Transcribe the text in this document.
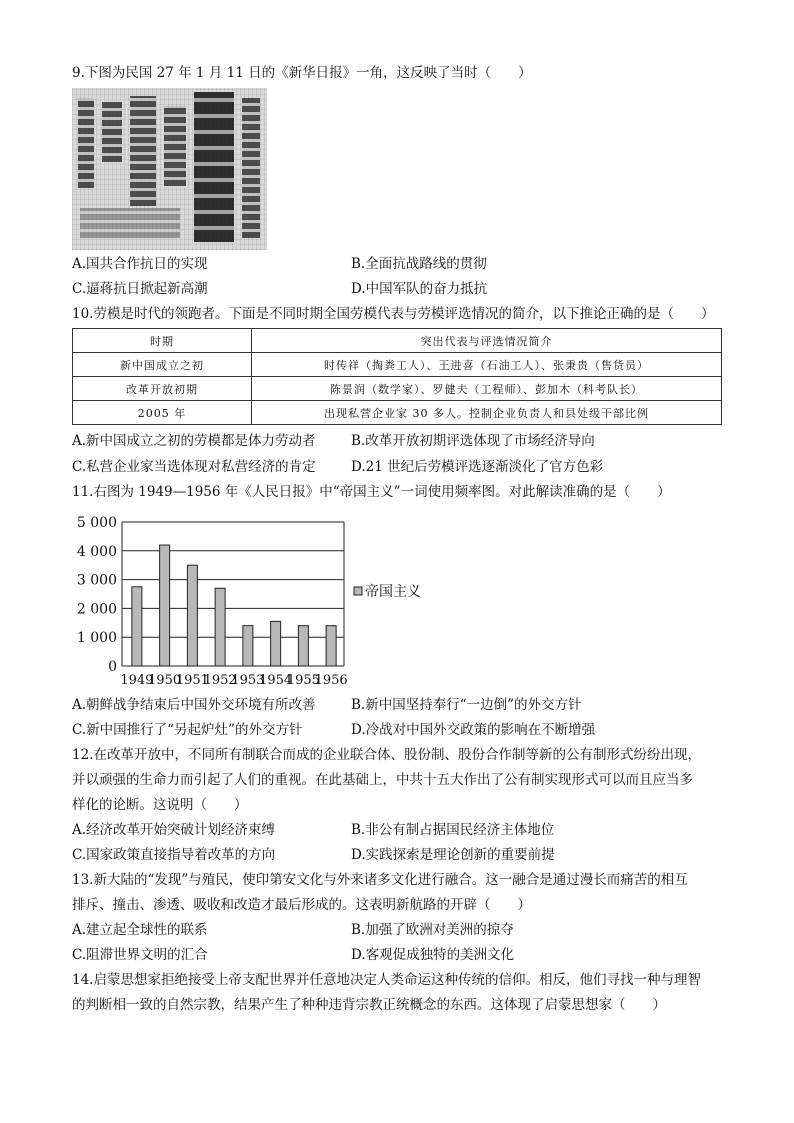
9.下图为民国 27 年 1 月 11 日的《新华日报》一角，这反映了当时（　　）
A.国共合作抗日的实现	B.全面抗战路线的贯彻
C.逼蒋抗日掀起新高潮	D.中国军队的奋力抵抗
10.劳模是时代的领跑者。下面是不同时期全国劳模代表与劳模评选情况的简介，以下推论正确的是（　　）
时期	突出代表与评选情况简介
新中国成立之初	时传祥（掏粪工人）、王进喜（石油工人）、张秉贵（售货员）
改革开放初期	陈景润（数学家）、罗健夫（工程师）、彭加木（科考队长）
2005 年	出现私营企业家 30 多人。控制企业负责人和县处级干部比例
A.新中国成立之初的劳模都是体力劳动者	B.改革开放初期评选体现了市场经济导向
C.私营企业家当选体现对私营经济的肯定	D.21 世纪后劳模评选逐渐淡化了官方色彩
11.右图为 1949—1956 年《人民日报》中“帝国主义”一词使用频率图。对此解读准确的是（　　）
0
1 000
2 000
3 000
4 000
5 000
1949
1950
1951
1952
1953
1954
1955
1956
帝国主义
A.朝鲜战争结束后中国外交环境有所改善	B.新中国坚持奉行“一边倒”的外交方针
C.新中国推行了“另起炉灶”的外交方针	D.冷战对中国外交政策的影响在不断增强
12.在改革开放中，不同所有制联合而成的企业联合体、股份制、股份合作制等新的公有制形式纷纷出现，
并以顽强的生命力而引起了人们的重视。在此基础上，中共十五大作出了公有制实现形式可以而且应当多
样化的论断。这说明（　　）
A.经济改革开始突破计划经济束缚	B.非公有制占据国民经济主体地位
C.国家政策直接指导着改革的方向	D.实践探索是理论创新的重要前提
13.新大陆的“发现”与殖民，使印第安文化与外来诸多文化进行融合。这一融合是通过漫长而痛苦的相互
排斥、撞击、渗透、吸收和改造才最后形成的。这表明新航路的开辟（　　）
A.建立起全球性的联系	B.加强了欧洲对美洲的掠夺
C.阻滞世界文明的汇合	D.客观促成独特的美洲文化
14.启蒙思想家拒绝接受上帝支配世界并任意地决定人类命运这种传统的信仰。相反，他们寻找一种与理智
的判断相一致的自然宗教，结果产生了种种违背宗教正统概念的东西。这体现了启蒙思想家（　　）
